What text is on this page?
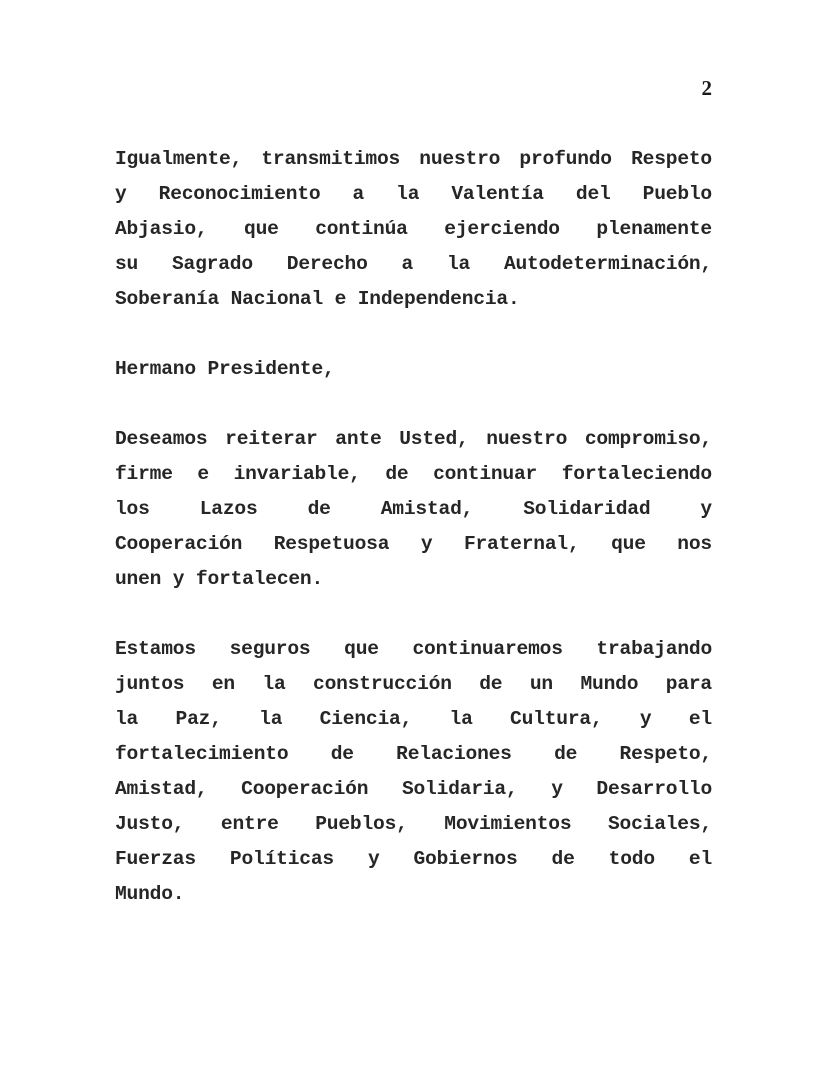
2
Igualmente, transmitimos nuestro profundo Respeto
y Reconocimiento a la Valentía del Pueblo
Abjasio, que continúa ejerciendo plenamente
su Sagrado Derecho a la Autodeterminación,
Soberanía Nacional e Independencia.
Hermano Presidente,
Deseamos reiterar ante Usted, nuestro compromiso,
firme e invariable, de continuar fortaleciendo
los Lazos de Amistad, Solidaridad y
Cooperación Respetuosa y Fraternal, que nos
unen y fortalecen.
Estamos seguros que continuaremos trabajando
juntos en la construcción de un Mundo para
la Paz, la Ciencia, la Cultura, y el
fortalecimiento de Relaciones de Respeto,
Amistad, Cooperación Solidaria, y Desarrollo
Justo, entre Pueblos, Movimientos Sociales,
Fuerzas Políticas y Gobiernos de todo el
Mundo.
